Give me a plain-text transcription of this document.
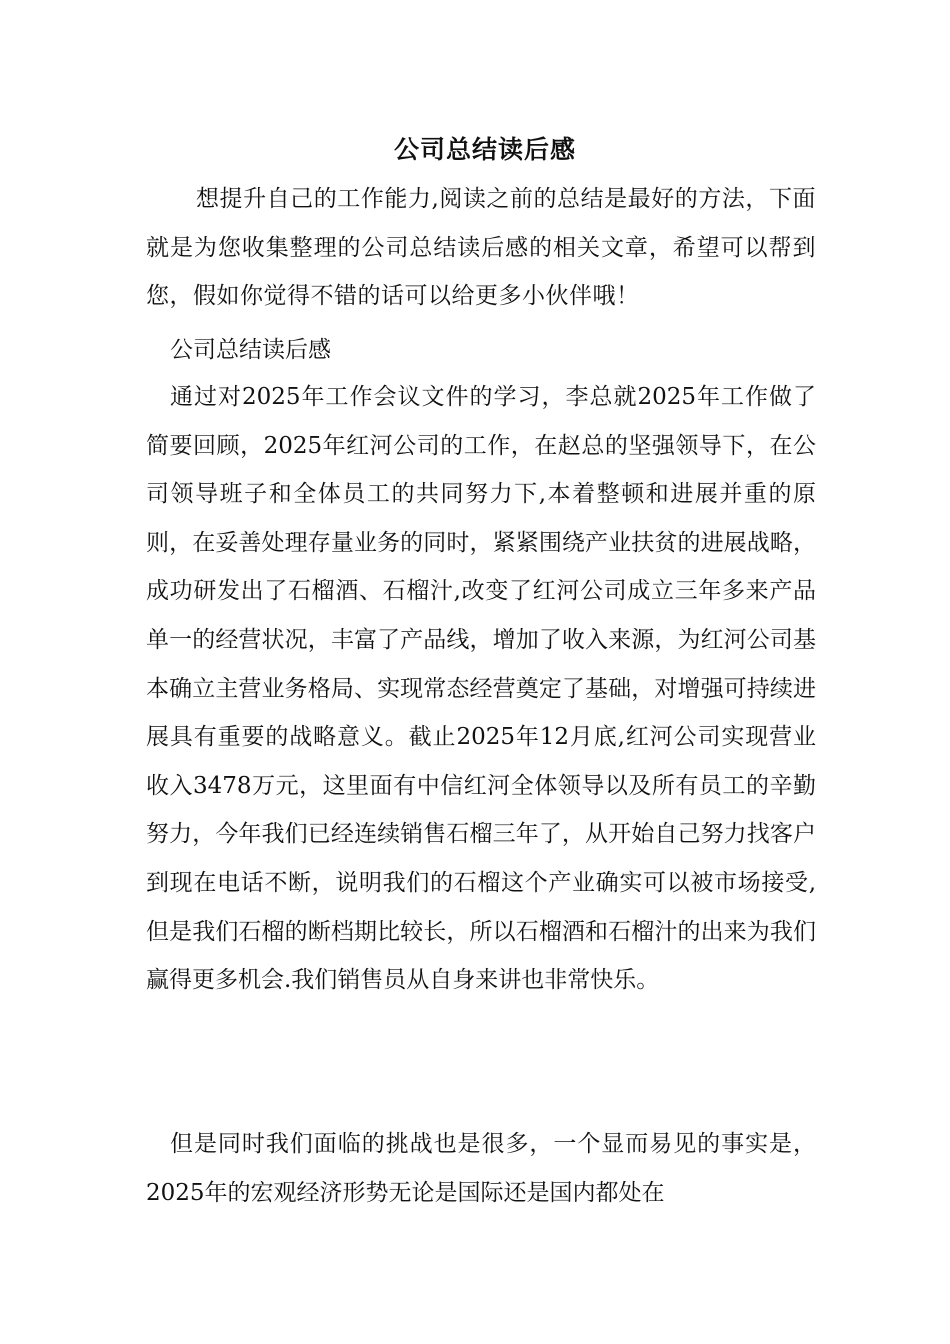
公司总结读后感

想提升自己的工作能力,阅读之前的总结是最好的方法，下面就是为您收集整理的公司总结读后感的相关文章，希望可以帮到您，假如你觉得不错的话可以给更多小伙伴哦！

公司总结读后感

通过对2025年工作会议文件的学习，李总就2025年工作做了简要回顾，2025年红河公司的工作，在赵总的坚强领导下，在公司领导班子和全体员工的共同努力下,本着整顿和进展并重的原则，在妥善处理存量业务的同时，紧紧围绕产业扶贫的进展战略，成功研发出了石榴酒、石榴汁,改变了红河公司成立三年多来产品单一的经营状况，丰富了产品线，增加了收入来源，为红河公司基本确立主营业务格局、实现常态经营奠定了基础，对增强可持续进展具有重要的战略意义。截止2025年12月底,红河公司实现营业收入3478万元，这里面有中信红河全体领导以及所有员工的辛勤努力，今年我们已经连续销售石榴三年了，从开始自己努力找客户到现在电话不断，说明我们的石榴这个产业确实可以被市场接受,但是我们石榴的断档期比较长，所以石榴酒和石榴汁的出来为我们赢得更多机会.我们销售员从自身来讲也非常快乐。

但是同时我们面临的挑战也是很多，一个显而易见的事实是，2025年的宏观经济形势无论是国际还是国内都处在
